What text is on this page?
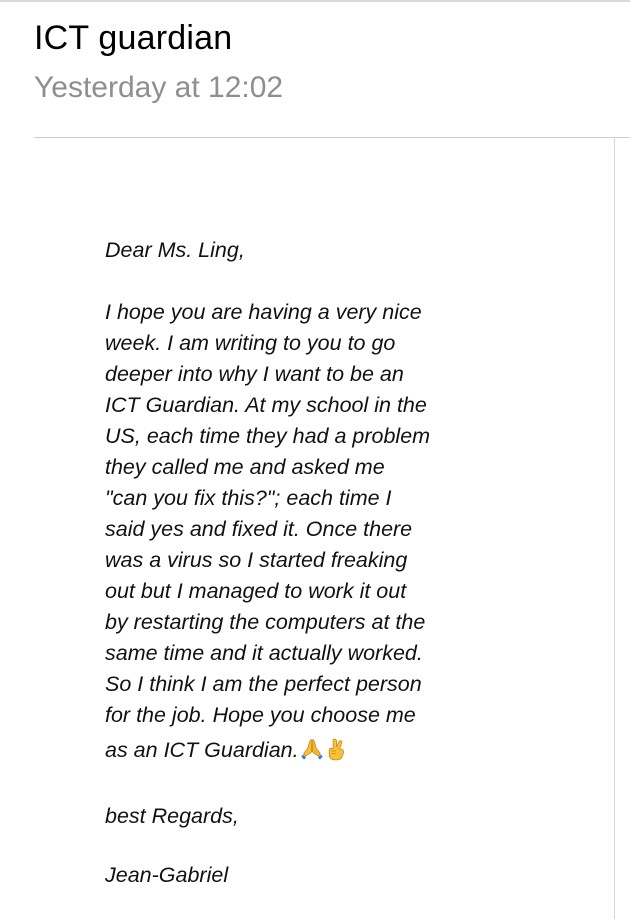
ICT guardian
Yesterday at 12:02

Dear Ms. Ling,

I hope you are having a very nice
week. I am writing to you to go
deeper into why I want to be an
ICT Guardian. At my school in the
US, each time they had a problem
they called me and asked me
"can you fix this?"; each time I
said yes and fixed it. Once there
was a virus so I started freaking
out but I managed to work it out
by restarting the computers at the
same time and it actually worked.
So I think I am the perfect person
for the job. Hope you choose me
as an ICT Guardian.

best Regards,

Jean-Gabriel
